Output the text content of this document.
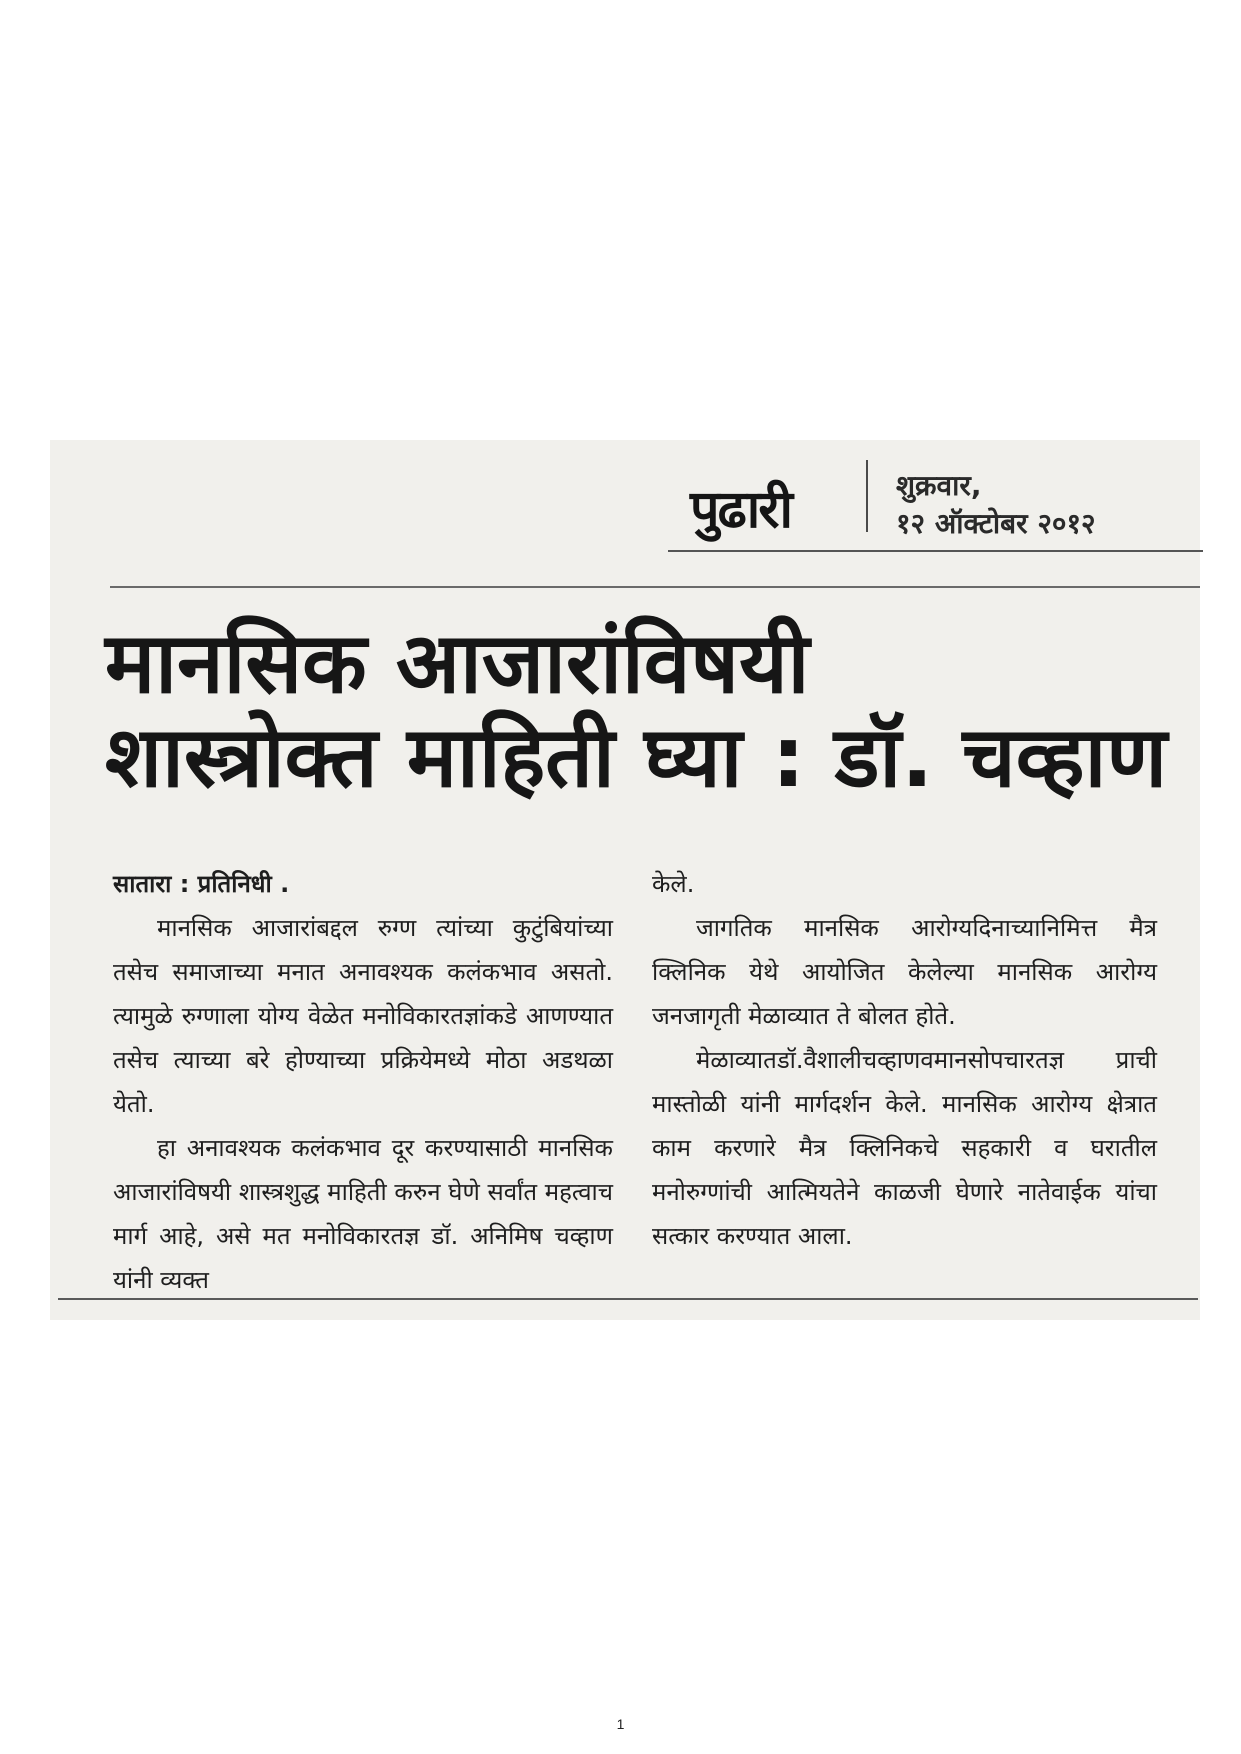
पुढारी	शुक्रवार,
१२ ऑक्टोबर २०१२
मानसिक आजारांविषयी
शास्त्रोक्त माहिती घ्या : डॉ. चव्हाण

सातारा : प्रतिनिधी .

मानसिक आजारांबद्दल रुग्ण त्यांच्या कुटुंबियांच्या तसेच समाजाच्या मनात अनावश्यक कलंकभाव असतो. त्यामुळे रुग्णाला योग्य वेळेत मनोविकारतज्ञांकडे आणण्यात तसेच त्याच्या बरे होण्याच्या प्रक्रियेमध्ये मोठा अडथळा येतो.

हा अनावश्यक कलंकभाव दूर करण्यासाठी मानसिक आजारांविषयी शास्त्रशुद्ध माहिती करुन घेणे सर्वांत महत्वाच मार्ग आहे, असे मत मनोविकारतज्ञ डॉ. अनिमिष चव्हाण यांनी व्यक्त

केले.

जागतिक मानसिक आरोग्यदिनाच्यानिमित्त मैत्र क्लिनिक येथे आयोजित केलेल्या मानसिक आरोग्य जनजागृती मेळाव्यात ते बोलत होते.

मेळाव्यातडॉ.वैशालीचव्हाणवमानसोपचारतज्ञ प्राची मास्तोळी यांनी मार्गदर्शन केले. मानसिक आरोग्य क्षेत्रात काम करणारे मैत्र क्लिनिकचे सहकारी व घरातील मनोरुग्णांची आत्मियतेने काळजी घेणारे नातेवाईक यांचा सत्कार करण्यात आला.

1
